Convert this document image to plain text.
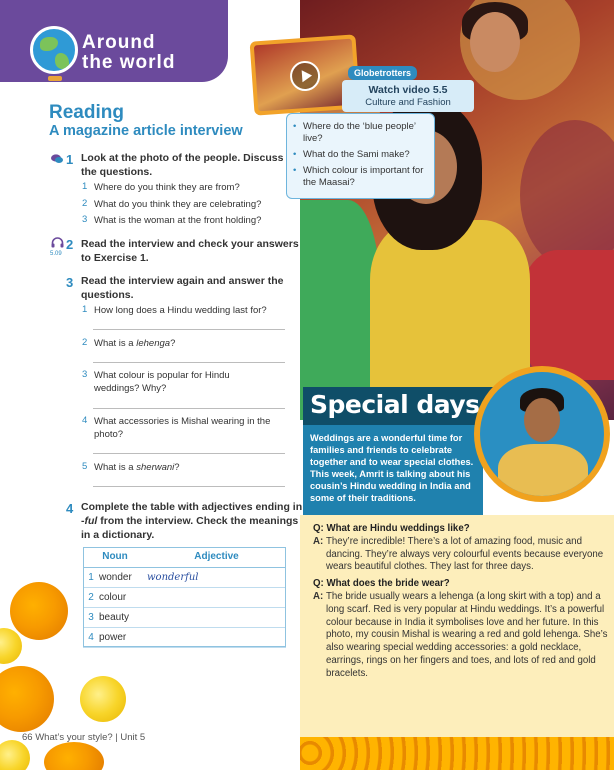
Around
the world
Reading
A magazine article interview
1 Look at the photo of the people. Discuss
the questions.
1 Where do you think they are from?
2 What do you think they are celebrating?
3 What is the woman at the front holding?
5.09
2 Read the interview and check your answers
to Exercise 1.
3 Read the interview again and answer the
questions.
1 How long does a Hindu wedding last for?
2 What is a lehenga?
3 What colour is popular for Hindu
weddings? Why?
4 What accessories is Mishal wearing in the
photo?
5 What is a sherwani?
4 Complete the table with adjectives ending in
-ful from the interview. Check the meanings
in a dictionary.
Noun		Adjective
1	wonder	wonderful
2	colour	
3	beauty	
4	power	
66 What’s your style? | Unit 5
Watch video 5.5
Culture and Fashion
Globetrotters
• Where do the ‘blue people’ live?
• What do the Sami make?
• Which colour is important for the Maasai?
Special days
Weddings are a wonderful time for families and friends to celebrate together and to wear special clothes. This week, Amrit is talking about his cousin’s Hindu wedding in India and some of their traditions.
Q: What are Hindu weddings like?
A: They’re incredible! There’s a lot of amazing food, music and dancing. They’re always very colourful events because everyone wears beautiful clothes. They last for three days.
Q: What does the bride wear?
A: The bride usually wears a lehenga (a long skirt with a top) and a long scarf. Red is very popular at Hindu weddings. It’s a powerful colour because in India it symbolises love and her future. In this photo, my cousin Mishal is wearing a red and gold lehenga. She’s also wearing special wedding accessories: a gold necklace, earrings, rings on her fingers and toes, and lots of red and gold bracelets.
